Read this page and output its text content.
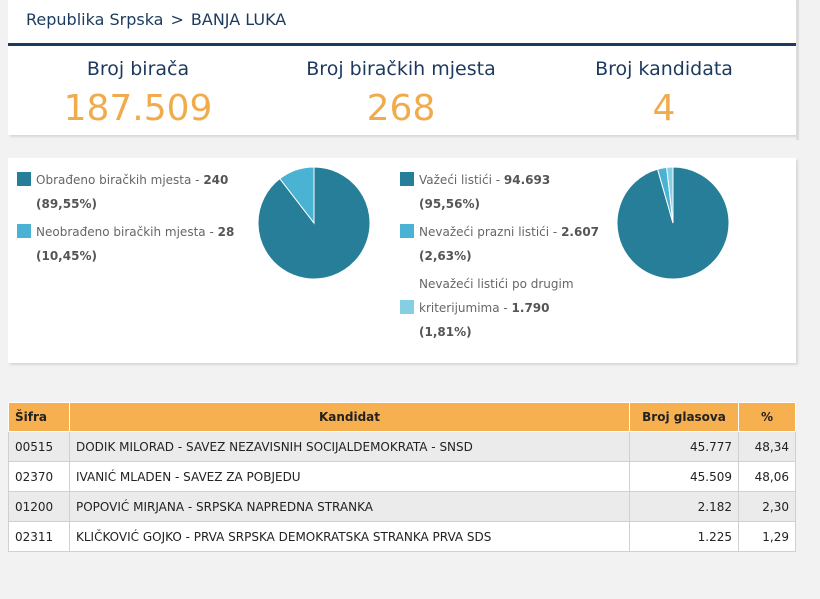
Republika Srpska > BANJA LUKA
Broj birača
187.509
Broj biračkih mjesta
268
Broj kandidata
4
Obrađeno biračkih mjesta - 240
(89,55%)
Neobrađeno biračkih mjesta - 28
(10,45%)
Važeći listići - 94.693
(95,56%)
Nevažeći prazni listići - 2.607
(2,63%)
Nevažeći listići po drugim
kriterijumima - 1.790
(1,81%)
Šifra	Kandidat	Broj glasova	%
00515	DODIK MILORAD - SAVEZ NEZAVISNIH SOCIJALDEMOKRATA - SNSD	45.777	48,34
02370	IVANIĆ MLADEN - SAVEZ ZA POBJEDU	45.509	48,06
01200	POPOVIĆ MIRJANA - SRPSKA NAPREDNA STRANKA	2.182	2,30
02311	KLIČKOVIĆ GOJKO - PRVA SRPSKA DEMOKRATSKA STRANKA PRVA SDS	1.225	1,29
